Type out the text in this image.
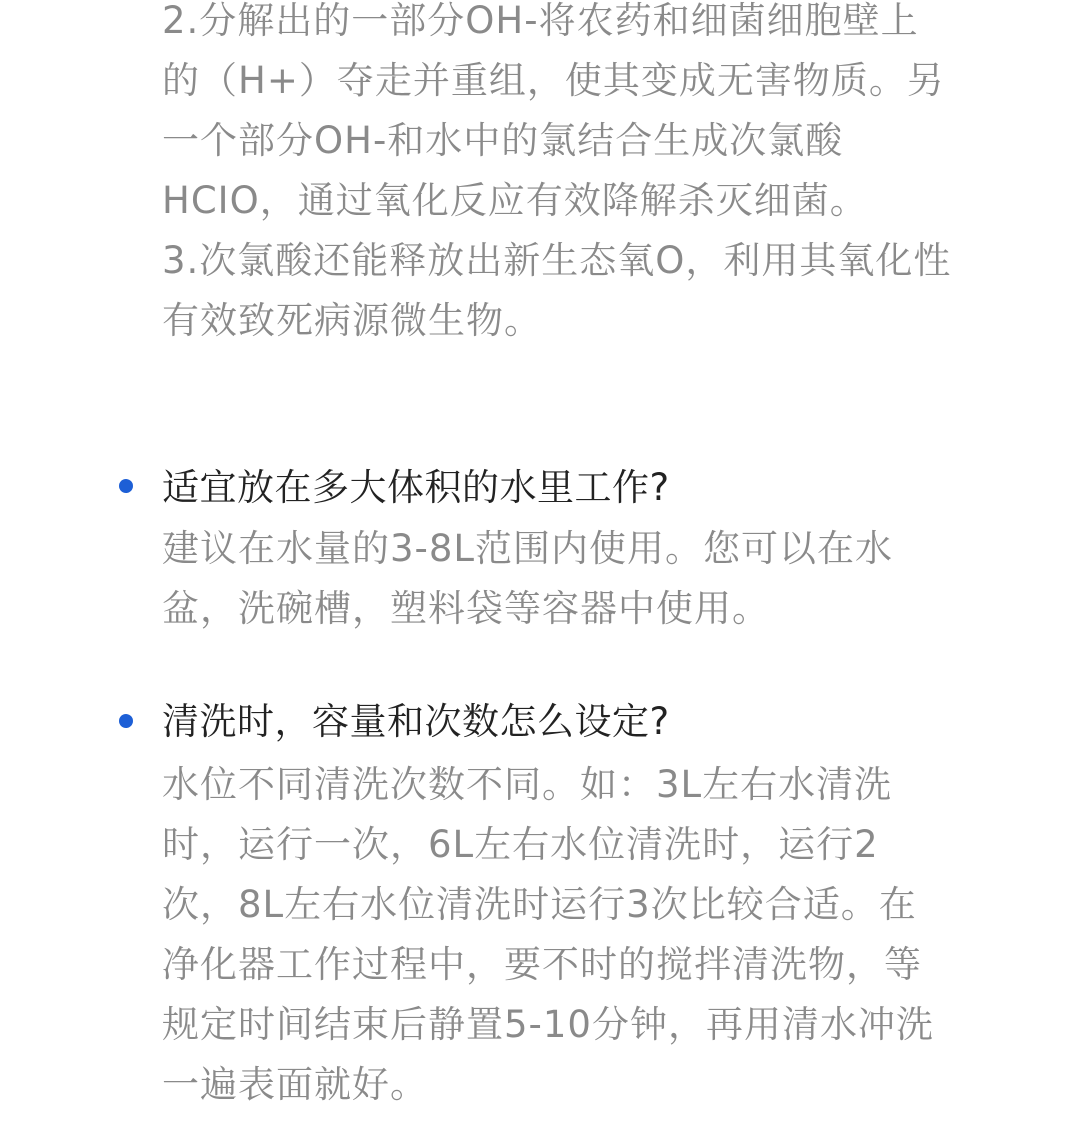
2.分解出的一部分OH-将农药和细菌细胞壁上的（H+）夺走并重组，使其变成无害物质。另一个部分OH-和水中的氯结合生成次氯酸HCIO，通过氧化反应有效降解杀灭细菌。

3.次氯酸还能释放出新生态氧O，利用其氧化性有效致死病源微生物。

适宜放在多大体积的水里工作?
建议在水量的3-8L范围内使用。您可以在水盆，洗碗槽，塑料袋等容器中使用。
清洗时，容量和次数怎么设定?
水位不同清洗次数不同。如：3L左右水清洗时，运行一次，6L左右水位清洗时，运行2次，8L左右水位清洗时运行3次比较合适。在净化器工作过程中，要不时的搅拌清洗物，等规定时间结束后静置5-10分钟，再用清水冲洗一遍表面就好。
